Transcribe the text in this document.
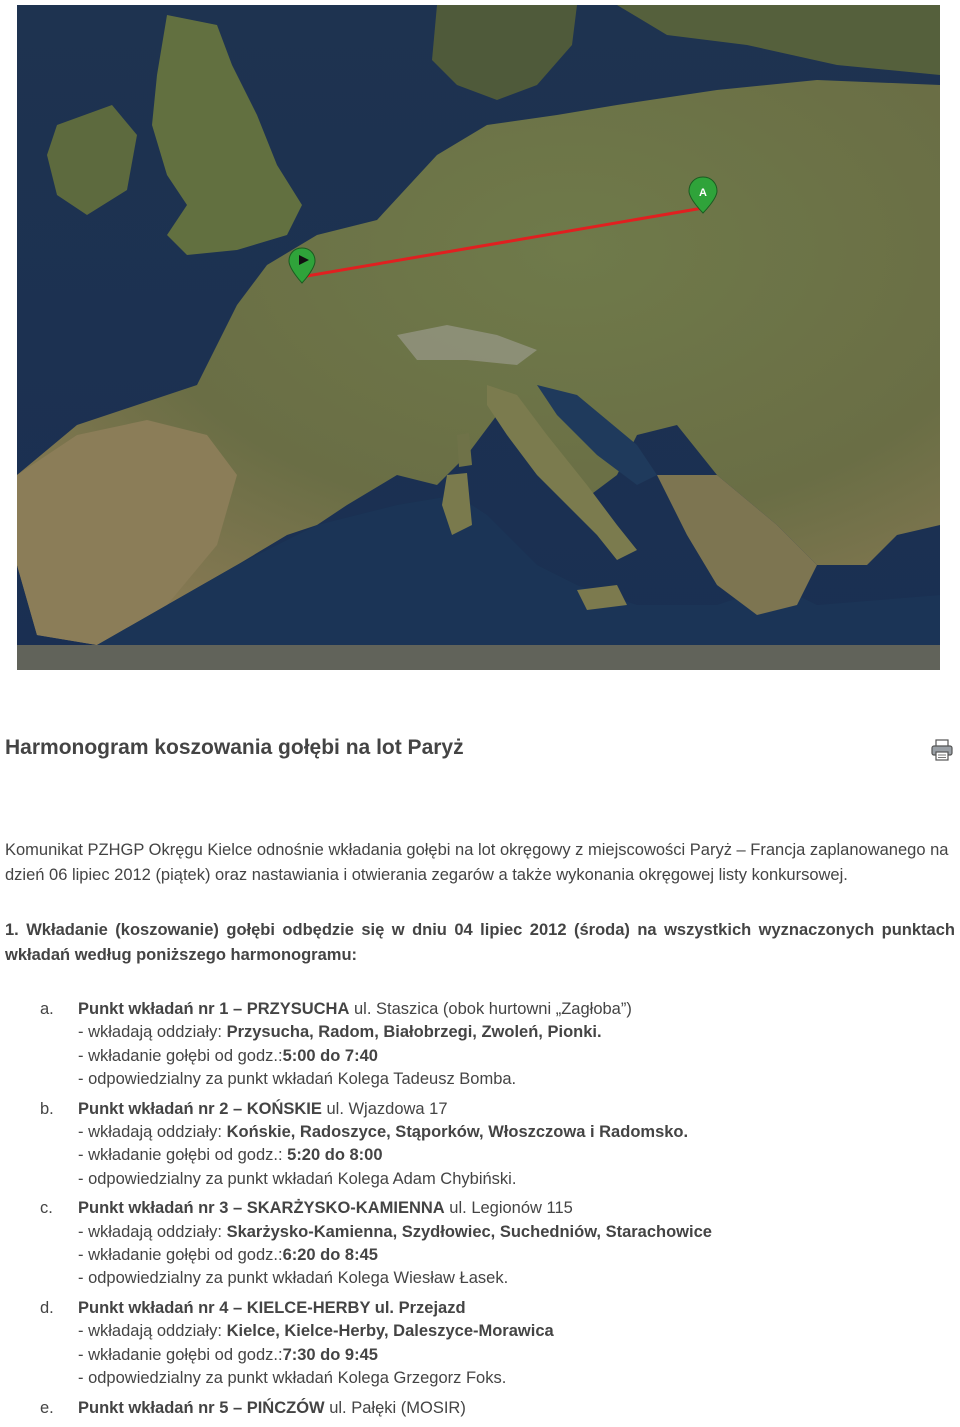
A
Harmonogram koszowania gołębi na lot Paryż

Komunikat PZHGP Okręgu Kielce odnośnie wkładania gołębi na lot okręgowy z miejscowości Paryż – Francja zaplanowanego na dzień 06 lipiec 2012 (piątek) oraz nastawiania i otwierania zegarów a także wykonania okręgowej listy konkursowej.

1. Wkładanie (koszowanie) gołębi odbędzie się w dniu 04 lipiec 2012 (środa) na wszystkich wyznaczonych punktach wkładań według poniższego harmonogramu:

a. Punkt wkładań nr 1 – PRZYSUCHA ul. Staszica (obok hurtowni „Zagłoba”)
- wkładają oddziały: Przysucha, Radom, Białobrzegi, Zwoleń, Pionki.
- wkładanie gołębi od godz.:5:00 do 7:40
- odpowiedzialny za punkt wkładań Kolega Tadeusz Bomba.
b. Punkt wkładań nr 2 – KOŃSKIE ul. Wjazdowa 17
- wkładają oddziały: Końskie, Radoszyce, Stąporków, Włoszczowa i Radomsko.
- wkładanie gołębi od godz.: 5:20 do 8:00
- odpowiedzialny za punkt wkładań Kolega Adam Chybiński.
c. Punkt wkładań nr 3 – SKARŻYSKO-KAMIENNA ul. Legionów 115
- wkładają oddziały: Skarżysko-Kamienna, Szydłowiec, Suchedniów, Starachowice
- wkładanie gołębi od godz.:6:20 do 8:45
- odpowiedzialny za punkt wkładań Kolega Wiesław Łasek.
d. Punkt wkładań nr 4 – KIELCE-HERBY ul. Przejazd
- wkładają oddziały: Kielce, Kielce-Herby, Daleszyce-Morawica
- wkładanie gołębi od godz.:7:30 do 9:45
- odpowiedzialny za punkt wkładań Kolega Grzegorz Foks.
e. Punkt wkładań nr 5 – PIŃCZÓW ul. Pałęki (MOSIR)
